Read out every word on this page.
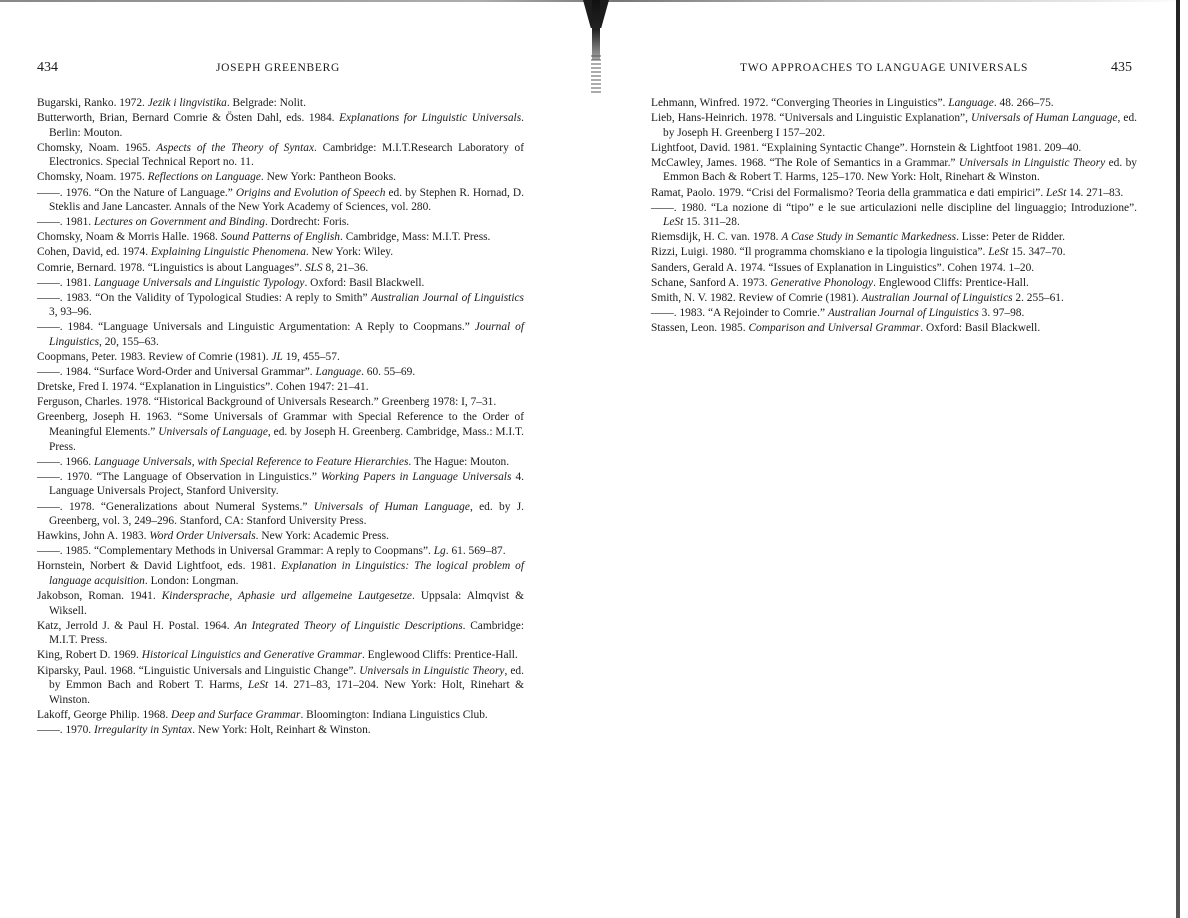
434	JOSEPH GREENBERG
Bugarski, Ranko. 1972. Jezik i lingvistika. Belgrade: Nolit.
Butterworth, Brian, Bernard Comrie & Östen Dahl, eds. 1984. Explanations for Linguistic Universals. Berlin: Mouton.
Chomsky, Noam. 1965. Aspects of the Theory of Syntax. Cambridge: M.I.T.Research Laboratory of Electronics. Special Technical Report no. 11.
Chomsky, Noam. 1975. Reflections on Language. New York: Pantheon Books.
——. 1976. “On the Nature of Language.” Origins and Evolution of Speech ed. by Stephen R. Hornad, D. Steklis and Jane Lancaster. Annals of the New York Academy of Sciences, vol. 280.
——. 1981. Lectures on Government and Binding. Dordrecht: Foris.
Chomsky, Noam & Morris Halle. 1968. Sound Patterns of English. Cambridge, Mass: M.I.T. Press.
Cohen, David, ed. 1974. Explaining Linguistic Phenomena. New York: Wiley.
Comrie, Bernard. 1978. “Linguistics is about Languages”. SLS 8, 21–36.
——. 1981. Language Universals and Linguistic Typology. Oxford: Basil Blackwell.
——. 1983. “On the Validity of Typological Studies: A reply to Smith” Australian Journal of Linguistics 3, 93–96.
——. 1984. “Language Universals and Linguistic Argumentation: A Reply to Coopmans.” Journal of Linguistics, 20, 155–63.
Coopmans, Peter. 1983. Review of Comrie (1981). JL 19, 455–57.
——. 1984. “Surface Word-Order and Universal Grammar”. Language. 60. 55–69.
Dretske, Fred I. 1974. “Explanation in Linguistics”. Cohen 1947: 21–41.
Ferguson, Charles. 1978. “Historical Background of Universals Research.” Greenberg 1978: I, 7–31.
Greenberg, Joseph H. 1963. “Some Universals of Grammar with Special Reference to the Order of Meaningful Elements.” Universals of Language, ed. by Joseph H. Greenberg. Cambridge, Mass.: M.I.T. Press.
——. 1966. Language Universals, with Special Reference to Feature Hierarchies. The Hague: Mouton.
——. 1970. “The Language of Observation in Linguistics.” Working Papers in Language Universals 4. Language Universals Project, Stanford University.
——. 1978. “Generalizations about Numeral Systems.” Universals of Human Language, ed. by J. Greenberg, vol. 3, 249–296. Stanford, CA: Stanford University Press.
Hawkins, John A. 1983. Word Order Universals. New York: Academic Press.
——. 1985. “Complementary Methods in Universal Grammar: A reply to Coopmans”. Lg. 61. 569–87.
Hornstein, Norbert & David Lightfoot, eds. 1981. Explanation in Linguistics: The logical problem of language acquisition. London: Longman.
Jakobson, Roman. 1941. Kindersprache, Aphasie urd allgemeine Lautgesetze. Uppsala: Almqvist & Wiksell.
Katz, Jerrold J. & Paul H. Postal. 1964. An Integrated Theory of Linguistic Descriptions. Cambridge: M.I.T. Press.
King, Robert D. 1969. Historical Linguistics and Generative Grammar. Englewood Cliffs: Prentice-Hall.
Kiparsky, Paul. 1968. “Linguistic Universals and Linguistic Change”. Universals in Linguistic Theory, ed. by Emmon Bach and Robert T. Harms, LeSt 14. 271–83, 171–204. New York: Holt, Rinehart & Winston.
Lakoff, George Philip. 1968. Deep and Surface Grammar. Bloomington: Indiana Linguistics Club.
——. 1970. Irregularity in Syntax. New York: Holt, Reinhart & Winston.
TWO APPROACHES TO LANGUAGE UNIVERSALS	435
Lehmann, Winfred. 1972. “Converging Theories in Linguistics”. Language. 48. 266–75.
Lieb, Hans-Heinrich. 1978. “Universals and Linguistic Explanation”, Universals of Human Language, ed. by Joseph H. Greenberg I 157–202.
Lightfoot, David. 1981. “Explaining Syntactic Change”. Hornstein & Lightfoot 1981. 209–40.
McCawley, James. 1968. “The Role of Semantics in a Grammar.” Universals in Linguistic Theory ed. by Emmon Bach & Robert T. Harms, 125–170. New York: Holt, Rinehart & Winston.
Ramat, Paolo. 1979. “Crisi del Formalismo? Teoria della grammatica e dati empirici”. LeSt 14. 271–83.
——. 1980. “La nozione di “tipo” e le sue articulazioni nelle discipline del linguaggio; Introduzione”. LeSt 15. 311–28.
Riemsdijk, H. C. van. 1978. A Case Study in Semantic Markedness. Lisse: Peter de Ridder.
Rizzi, Luigi. 1980. “Il programma chomskiano e la tipologia linguistica”. LeSt 15. 347–70.
Sanders, Gerald A. 1974. “Issues of Explanation in Linguistics”. Cohen 1974. 1–20.
Schane, Sanford A. 1973. Generative Phonology. Englewood Cliffs: Prentice-Hall.
Smith, N. V. 1982. Review of Comrie (1981). Australian Journal of Linguistics 2. 255–61.
——. 1983. “A Rejoinder to Comrie.” Australian Journal of Linguistics 3. 97–98.
Stassen, Leon. 1985. Comparison and Universal Grammar. Oxford: Basil Blackwell.
